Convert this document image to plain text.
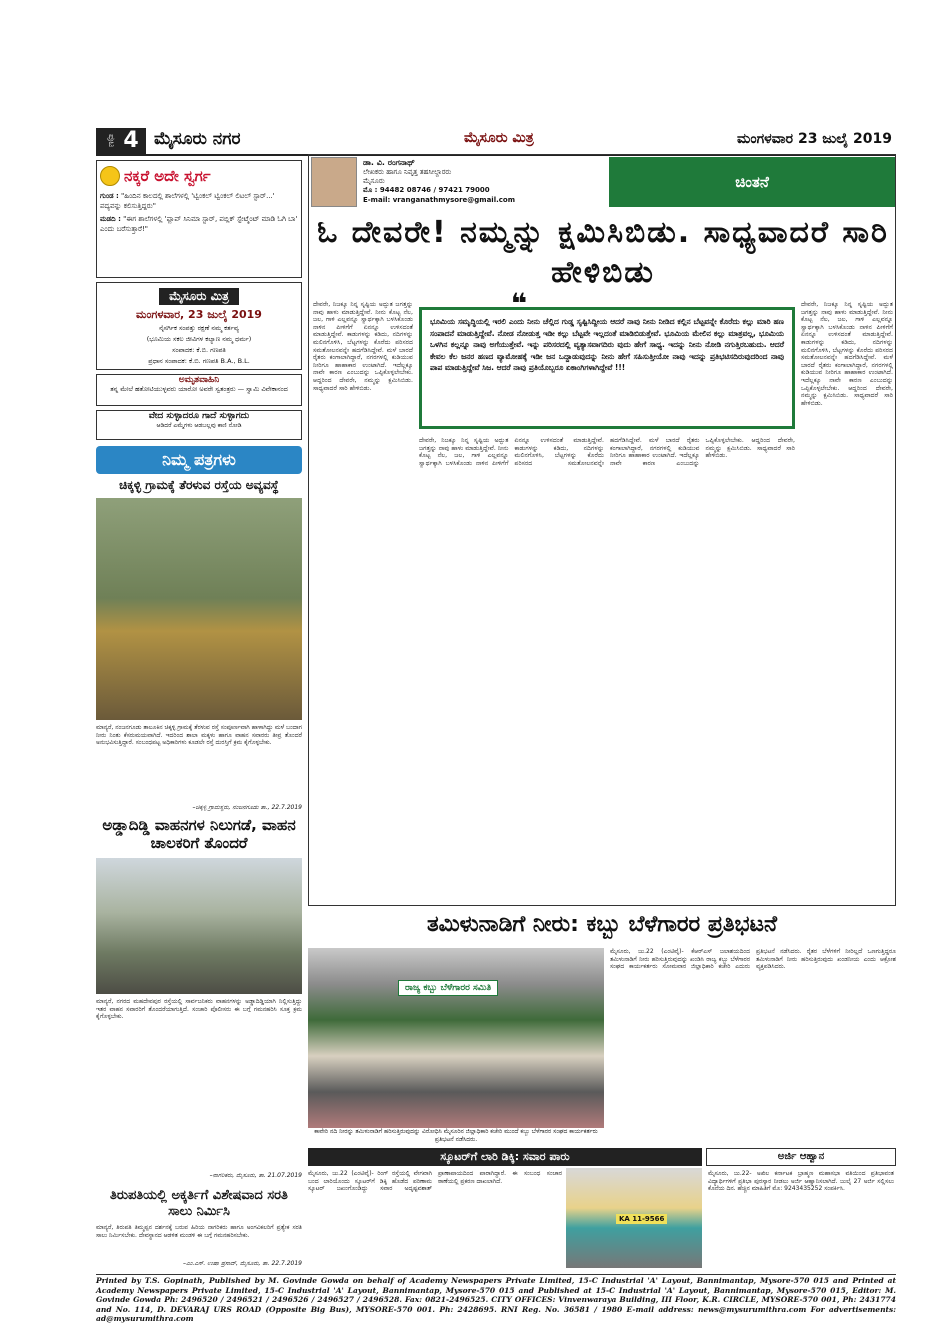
ಪುಟ 4 ಮೈಸೂರು ನಗರ	ಮೈಸೂರು ಮಿತ್ರ	ಮಂಗಳವಾರ 23 ಜುಲೈ 2019
ನಕ್ಕರೆ ಅದೇ ಸ್ವರ್ಗ
ಗುಂಡ : "ಹಿಂದಿನ ಕಾಲದಲ್ಲಿ ಶಾಲೆಗಳಲ್ಲಿ 'ಟ್ವಿಂಕಲ್ ಟ್ವಿಂಕಲ್ ಲಿಟಲ್ ಸ್ಟಾರ್...' ಪದ್ಯವನ್ನು ಕಲಿಸುತ್ತಿದ್ದರು"
ಮಡದಿ : "ಈಗ ಶಾಲೆಗಳಲ್ಲಿ 'ಫ್ಲಾಪ್ ಸಿನಿಮಾ ಸ್ಟಾರ್, ಪಬ್ಲಿಕ್ ಸ್ಟೇಟ್ಮೆಂಟ್ ಮಾಡಿ ಓಗಿ ಬಾ' ಎಂದು ಬರೆಸುತ್ತಾರೆ!"
ಮೈಸೂರು ಮಿತ್ರ
ಮಂಗಳವಾರ, 23 ಜುಲೈ 2019
ನೈಸರ್ಗಿಕ ಸಂಪತ್ತು ರಕ್ಷಣೆ ನಮ್ಮ ಕರ್ತವ್ಯ
(ಭೂಮಿಯ ಸಕಲ ಜೀವಿಗಳ ಕಲ್ಯಾಣ ನಮ್ಮ ಧರ್ಮ)
ಸಂಪಾದಕ: ಕೆ.ಬಿ. ಗಣಪತಿ
ಪ್ರಧಾನ ಸಂಪಾದಕ: ಕೆ.ಬಿ. ಗಣಪತಿ B.A., B.L.
ಅಮೃತವಾಹಿನಿ
ತನ್ನ ಮೇಲೆ ಹತೋಟಿಯುಳ್ಳವರು ಯಾರೋ ಅವರೇ ಸ್ವತಂತ್ರರು — ಸ್ವಾಮಿ ವಿವೇಕಾನಂದ
ವೇದ ಸುಳ್ಳಾದರೂ ಗಾದೆ ಸುಳ್ಳಾಗದು
ಆಡಿದರೆ ಎಮ್ಮೆಗಳು ಆಡಬಲ್ಲವು ಕಾಣಿ ನೋಡಿ
ನಿಮ್ಮ ಪತ್ರಗಳು
ಚಿಕ್ಕಳ್ಳಿ ಗ್ರಾಮಕ್ಕೆ ತೆರಳುವ ರಸ್ತೆಯ ಅವ್ಯವಸ್ಥೆ
ಮಾನ್ಯರೆ, ನಂಜನಗೂಡು ತಾಲೂಕಿನ ಚಿಕ್ಕಳ್ಳಿ ಗ್ರಾಮಕ್ಕೆ ತೆರಳುವ ರಸ್ತೆ ಸಂಪೂರ್ಣವಾಗಿ ಹಾಳಾಗಿದ್ದು ಮಳೆ ಬಂದಾಗ ನೀರು ನಿಂತು ಕೆಸರುಮಯವಾಗಿದೆ. ಇದರಿಂದ ಶಾಲಾ ಮಕ್ಕಳು ಹಾಗೂ ವಾಹನ ಸವಾರರು ತೀವ್ರ ತೊಂದರೆ ಅನುಭವಿಸುತ್ತಿದ್ದಾರೆ. ಸಂಬಂಧಪಟ್ಟ ಅಧಿಕಾರಿಗಳು ಕೂಡಲೇ ರಸ್ತೆ ದುರಸ್ತಿಗೆ ಕ್ರಮ ಕೈಗೊಳ್ಳಬೇಕು.
–ಚಿಕ್ಕಳ್ಳಿ ಗ್ರಾಮಸ್ಥರು, ನಂಜನಗೂಡು ತಾ., 22.7.2019
ಅಡ್ಡಾದಿಡ್ಡಿ ವಾಹನಗಳ ನಿಲುಗಡೆ, ವಾಹನ ಚಾಲಕರಿಗೆ ತೊಂದರೆ
ಮಾನ್ಯರೆ, ನಗರದ ಮಹದೇವಪುರ ರಸ್ತೆಯಲ್ಲಿ ಸಾರ್ವಜನಿಕರು ವಾಹನಗಳನ್ನು ಅಡ್ಡಾದಿಡ್ಡಿಯಾಗಿ ನಿಲ್ಲಿಸುತ್ತಿದ್ದು ಇತರ ವಾಹನ ಸವಾರರಿಗೆ ತೊಂದರೆಯಾಗುತ್ತಿದೆ. ಸಂಚಾರಿ ಪೊಲೀಸರು ಈ ಬಗ್ಗೆ ಗಮನಹರಿಸಿ ಸೂಕ್ತ ಕ್ರಮ ಕೈಗೊಳ್ಳಬೇಕು.
–ನಾಗರಿಕರು, ಮೈಸೂರು, ತಾ. 21.07.2019
ತಿರುಪತಿಯಲ್ಲಿ ಅಕ್ಕರ್ತಿಗೆ ವಿಶೇಷವಾದ ಸರತಿ ಸಾಲು ನಿರ್ಮಿಸಿ
ಮಾನ್ಯರೆ, ತಿರುಪತಿ ತಿಮ್ಮಪ್ಪನ ದರ್ಶನಕ್ಕೆ ಬರುವ ಹಿರಿಯ ನಾಗರಿಕರು ಹಾಗೂ ಅಂಗವಿಕಲರಿಗೆ ಪ್ರತ್ಯೇಕ ಸರತಿ ಸಾಲು ನಿರ್ಮಿಸಬೇಕು. ದೇವಸ್ಥಾನದ ಆಡಳಿತ ಮಂಡಳಿ ಈ ಬಗ್ಗೆ ಗಮನಹರಿಸಬೇಕು.
–ಎಂ.ಎಸ್. ಉಷಾ ಪ್ರಸಾದ್, ಮೈಸೂರು, ತಾ. 22.7.2019
ಡಾ. ವಿ. ರಂಗನಾಥ್
ಲೇಖಕರು ಹಾಗೂ ನಿವೃತ್ತ ತಹಸೀಲ್ದಾರರು
ಮೈಸೂರು
ಮೊ : 94482 08746 / 97421 79000
E-mail: vranganathmysore@gmail.com
ಚಿಂತನೆ
ಓ ದೇವರೇ! ನಮ್ಮನ್ನು ಕ್ಷಮಿಸಿಬಿಡು. ಸಾಧ್ಯವಾದರೆ ಸಾರಿ ಹೇಳಿಬಿಡು
❝
ಭೂಮಿಯ ಸಮೃದ್ಧಿಯಲ್ಲಿ ಇರಲಿ ಎಂದು ನೀನು ಚೆಲ್ಲಿದ ಗುಡ್ಡ ಸೃಷ್ಟಿಸಿದ್ದೀಯ ಆದರೆ ನಾವು ನೀನು ನೀಡಿದ ಕಲ್ಲಿನ ಬೆಟ್ಟವನ್ನೇ ಕೊರೆದು ಕಲ್ಲು ಮಾರಿ ಹಣ ಸಂಪಾದನೆ ಮಾಡುತ್ತಿದ್ದೇವೆ. ನೋಡ ನೋಡುತ್ತ ಇಡೀ ಕಲ್ಲು ಬೆಟ್ಟವೇ ಇಲ್ಲದಂತೆ ಮಾಡಿಬಿಡುತ್ತೇವೆ. ಭೂಮಿಯ ಮೇಲಿನ ಕಲ್ಲು ಮಾತ್ರವಲ್ಲ, ಭೂಮಿಯ ಒಳಗಿನ ಕಲ್ಲನ್ನೂ ನಾವು ಅಗೆಯುತ್ತೇವೆ. ಇನ್ನು ಪರಿಸರದಲ್ಲಿ ವ್ಯತ್ಯಾಸವಾಗದಿರು ವುದು ಹೇಗೆ ಸಾಧ್ಯ. ಇದನ್ನು ನೀನು ನೋಡಿ ನಗುತ್ತಿರಬಹುದು. ಆದರೆ ಕೇವಲ ಕೆಲ ಜನರ ಹಣದ ವ್ಯಾಮೋಹಕ್ಕೆ ಇಡೀ ಜನ ಒದ್ದಾಡುವುದನ್ನು ನೀನು ಹೇಗೆ ಸಹಿಸುತ್ತೀಯೋ ನಾವು ಇದನ್ನು ಪ್ರತಿಭಟಿಸದಿರುವುದರಿಂದ ನಾವು ಪಾಪ ಮಾಡುತ್ತಿದ್ದೇವೆ ಸಿಜ. ಆದರೆ ನಾವು ಪ್ರತಿಯೊಬ್ಬರೂ ಏಕಾಂಗಿಗಳಾಗಿದ್ದೇವೆ !!!
ದೇವರೇ, ನಿಜಕ್ಕೂ ನಿನ್ನ ಸೃಷ್ಟಿಯ ಅದ್ಭುತ ಜಗತ್ತನ್ನು ನಾವು ಹಾಳು ಮಾಡುತ್ತಿದ್ದೇವೆ. ನೀನು ಕೊಟ್ಟ ನೆಲ, ಜಲ, ಗಾಳಿ ಎಲ್ಲವನ್ನೂ ಸ್ವಾರ್ಥಕ್ಕಾಗಿ ಬಳಸಿಕೊಂಡು ನಾಳಿನ ಪೀಳಿಗೆಗೆ ಏನನ್ನೂ ಉಳಿಸದಂತೆ ಮಾಡುತ್ತಿದ್ದೇವೆ. ಕಾಡುಗಳನ್ನು ಕಡಿದು, ನದಿಗಳನ್ನು ಮಲಿನಗೊಳಿಸಿ, ಬೆಟ್ಟಗಳನ್ನು ಕೊರೆದು ಪರಿಸರದ ಸಮತೋಲನವನ್ನೇ ಹದಗೆಡಿಸಿದ್ದೇವೆ. ಮಳೆ ಬಾರದೆ ರೈತರು ಕಂಗಾಲಾಗಿದ್ದಾರೆ, ನಗರಗಳಲ್ಲಿ ಕುಡಿಯುವ ನೀರಿಗೂ ಹಾಹಾಕಾರ ಉಂಟಾಗಿದೆ. ಇದೆಲ್ಲಕ್ಕೂ ನಾವೇ ಕಾರಣ ಎಂಬುದನ್ನು ಒಪ್ಪಿಕೊಳ್ಳಲೇಬೇಕು. ಆದ್ದರಿಂದ ದೇವರೇ, ನಮ್ಮನ್ನು ಕ್ಷಮಿಸಿಬಿಡು. ಸಾಧ್ಯವಾದರೆ ಸಾರಿ ಹೇಳಿಬಿಡು.
ದೇವರೇ, ನಿಜಕ್ಕೂ ನಿನ್ನ ಸೃಷ್ಟಿಯ ಅದ್ಭುತ ಜಗತ್ತನ್ನು ನಾವು ಹಾಳು ಮಾಡುತ್ತಿದ್ದೇವೆ. ನೀನು ಕೊಟ್ಟ ನೆಲ, ಜಲ, ಗಾಳಿ ಎಲ್ಲವನ್ನೂ ಸ್ವಾರ್ಥಕ್ಕಾಗಿ ಬಳಸಿಕೊಂಡು ನಾಳಿನ ಪೀಳಿಗೆಗೆ ಏನನ್ನೂ ಉಳಿಸದಂತೆ ಮಾಡುತ್ತಿದ್ದೇವೆ. ಕಾಡುಗಳನ್ನು ಕಡಿದು, ನದಿಗಳನ್ನು ಮಲಿನಗೊಳಿಸಿ, ಬೆಟ್ಟಗಳನ್ನು ಕೊರೆದು ಪರಿಸರದ ಸಮತೋಲನವನ್ನೇ ಹದಗೆಡಿಸಿದ್ದೇವೆ. ಮಳೆ ಬಾರದೆ ರೈತರು ಕಂಗಾಲಾಗಿದ್ದಾರೆ, ನಗರಗಳಲ್ಲಿ ಕುಡಿಯುವ ನೀರಿಗೂ ಹಾಹಾಕಾರ ಉಂಟಾಗಿದೆ. ಇದೆಲ್ಲಕ್ಕೂ ನಾವೇ ಕಾರಣ ಎಂಬುದನ್ನು ಒಪ್ಪಿಕೊಳ್ಳಲೇಬೇಕು. ಆದ್ದರಿಂದ ದೇವರೇ, ನಮ್ಮನ್ನು ಕ್ಷಮಿಸಿಬಿಡು. ಸಾಧ್ಯವಾದರೆ ಸಾರಿ ಹೇಳಿಬಿಡು.
ದೇವರೇ, ನಿಜಕ್ಕೂ ನಿನ್ನ ಸೃಷ್ಟಿಯ ಅದ್ಭುತ ಜಗತ್ತನ್ನು ನಾವು ಹಾಳು ಮಾಡುತ್ತಿದ್ದೇವೆ. ನೀನು ಕೊಟ್ಟ ನೆಲ, ಜಲ, ಗಾಳಿ ಎಲ್ಲವನ್ನೂ ಸ್ವಾರ್ಥಕ್ಕಾಗಿ ಬಳಸಿಕೊಂಡು ನಾಳಿನ ಪೀಳಿಗೆಗೆ ಏನನ್ನೂ ಉಳಿಸದಂತೆ ಮಾಡುತ್ತಿದ್ದೇವೆ. ಕಾಡುಗಳನ್ನು ಕಡಿದು, ನದಿಗಳನ್ನು ಮಲಿನಗೊಳಿಸಿ, ಬೆಟ್ಟಗಳನ್ನು ಕೊರೆದು ಪರಿಸರದ ಸಮತೋಲನವನ್ನೇ ಹದಗೆಡಿಸಿದ್ದೇವೆ. ಮಳೆ ಬಾರದೆ ರೈತರು ಕಂಗಾಲಾಗಿದ್ದಾರೆ, ನಗರಗಳಲ್ಲಿ ಕುಡಿಯುವ ನೀರಿಗೂ ಹಾಹಾಕಾರ ಉಂಟಾಗಿದೆ. ಇದೆಲ್ಲಕ್ಕೂ ನಾವೇ ಕಾರಣ ಎಂಬುದನ್ನು ಒಪ್ಪಿಕೊಳ್ಳಲೇಬೇಕು. ಆದ್ದರಿಂದ ದೇವರೇ, ನಮ್ಮನ್ನು ಕ್ಷಮಿಸಿಬಿಡು. ಸಾಧ್ಯವಾದರೆ ಸಾರಿ ಹೇಳಿಬಿಡು.
ತಮಿಳುನಾಡಿಗೆ ನೀರು: ಕಬ್ಬು ಬೆಳೆಗಾರರ ಪ್ರತಿಭಟನೆ
ರಾಜ್ಯ ಕಬ್ಬು ಬೆಳೆಗಾರರ ಸಮಿತಿ
ಕಾವೇರಿ ನದಿ ನೀರನ್ನು ತಮಿಳುನಾಡಿಗೆ ಹರಿಸುತ್ತಿರುವುದನ್ನು ವಿರೋಧಿಸಿ ಮೈಸೂರಿನ ಜಿಲ್ಲಾಧಿಕಾರಿ ಕಚೇರಿ ಮುಂದೆ ಕಬ್ಬು ಬೆಳೆಗಾರರ ಸಂಘದ ಕಾರ್ಯಕರ್ತರು ಪ್ರತಿಭಟನೆ ನಡೆಸಿದರು.
ಮೈಸೂರು, ಜು.22 (ಎಂಟಿವೈ)- ಕೆಆರ್‌ಎಸ್ ಜಲಾಶಯದಿಂದ ತಮಿಳುನಾಡಿಗೆ ನೀರು ಹರಿಸುತ್ತಿರುವುದನ್ನು ಖಂಡಿಸಿ ರಾಜ್ಯ ಕಬ್ಬು ಬೆಳೆಗಾರರ ಸಂಘದ ಕಾರ್ಯಕರ್ತರು ಸೋಮವಾರ ಜಿಲ್ಲಾಧಿಕಾರಿ ಕಚೇರಿ ಎದುರು ಪ್ರತಿಭಟನೆ ನಡೆಸಿದರು. ರೈತರ ಬೆಳೆಗಳಿಗೆ ನೀರಿಲ್ಲದೆ ಒಣಗುತ್ತಿದ್ದರೂ ತಮಿಳುನಾಡಿಗೆ ನೀರು ಹರಿಸುತ್ತಿರುವುದು ಖಂಡನೀಯ ಎಂದು ಆಕ್ರೋಶ ವ್ಯಕ್ತಪಡಿಸಿದರು.
ಸ್ಕೂಟರ್‌ಗೆ ಲಾರಿ ಡಿಕ್ಕಿ: ಸವಾರ ಪಾರು
ಮೈಸೂರು, ಜು.22 (ಎಂಟಿವೈ)- ರಿಂಗ್ ರಸ್ತೆಯಲ್ಲಿ ವೇಗವಾಗಿ ಬಂದ ಲಾರಿಯೊಂದು ಸ್ಕೂಟರ್‌ಗೆ ಡಿಕ್ಕಿ ಹೊಡೆದ ಪರಿಣಾಮ ಸ್ಕೂಟರ್ ಜಖಂಗೊಂಡಿದ್ದು ಸವಾರ ಅದೃಷ್ಟವಶಾತ್ ಪ್ರಾಣಾಪಾಯದಿಂದ ಪಾರಾಗಿದ್ದಾರೆ. ಈ ಸಂಬಂಧ ಸಂಚಾರ ಠಾಣೆಯಲ್ಲಿ ಪ್ರಕರಣ ದಾಖಲಾಗಿದೆ.
KA 11-9566
ಅರ್ಜಿ ಆಹ್ವಾನ
ಮೈಸೂರು, ಜು.22- ಅಖಿಲ ಕರ್ನಾಟಕ ಬ್ರಾಹ್ಮಣ ಮಹಾಸಭಾ ವತಿಯಿಂದ ಪ್ರತಿಭಾವಂತ ವಿದ್ಯಾರ್ಥಿಗಳಿಗೆ ಪ್ರತಿಭಾ ಪುರಸ್ಕಾರ ನೀಡಲು ಅರ್ಜಿ ಆಹ್ವಾನಿಸಲಾಗಿದೆ. ಜುಲೈ 27 ಅರ್ಜಿ ಸಲ್ಲಿಸಲು ಕೊನೆಯ ದಿನ. ಹೆಚ್ಚಿನ ಮಾಹಿತಿಗೆ ಮೊ: 9243435252 ಸಂಪರ್ಕಿಸಿ.
Printed by T.S. Gopinath, Published by M. Govinde Gowda on behalf of Academy Newspapers Private Limited, 15-C Industrial 'A' Layout, Bannimantap, Mysore-570 015 and Printed at Academy Newspapers Private Limited, 15-C Industrial 'A' Layout, Bannimantap, Mysore-570 015 and Published at 15-C Industrial 'A' Layout, Bannimantap, Mysore-570 015, Editor: M. Govinde Gowda Ph: 2496520 / 2496521 / 2496526 / 2496527 / 2496528. Fax: 0821-2496525. CITY OFFICES: Vinvenwaraya Building, III Floor, K.R. CIRCLE, MYSORE-570 001, Ph: 2431774 and No. 114, D. DEVARAJ URS ROAD (Opposite Big Bus), MYSORE-570 001. Ph: 2428695. RNI Reg. No. 36581 / 1980 E-mail address: news@mysurumithra.com For advertisements: ad@mysurumithra.com
